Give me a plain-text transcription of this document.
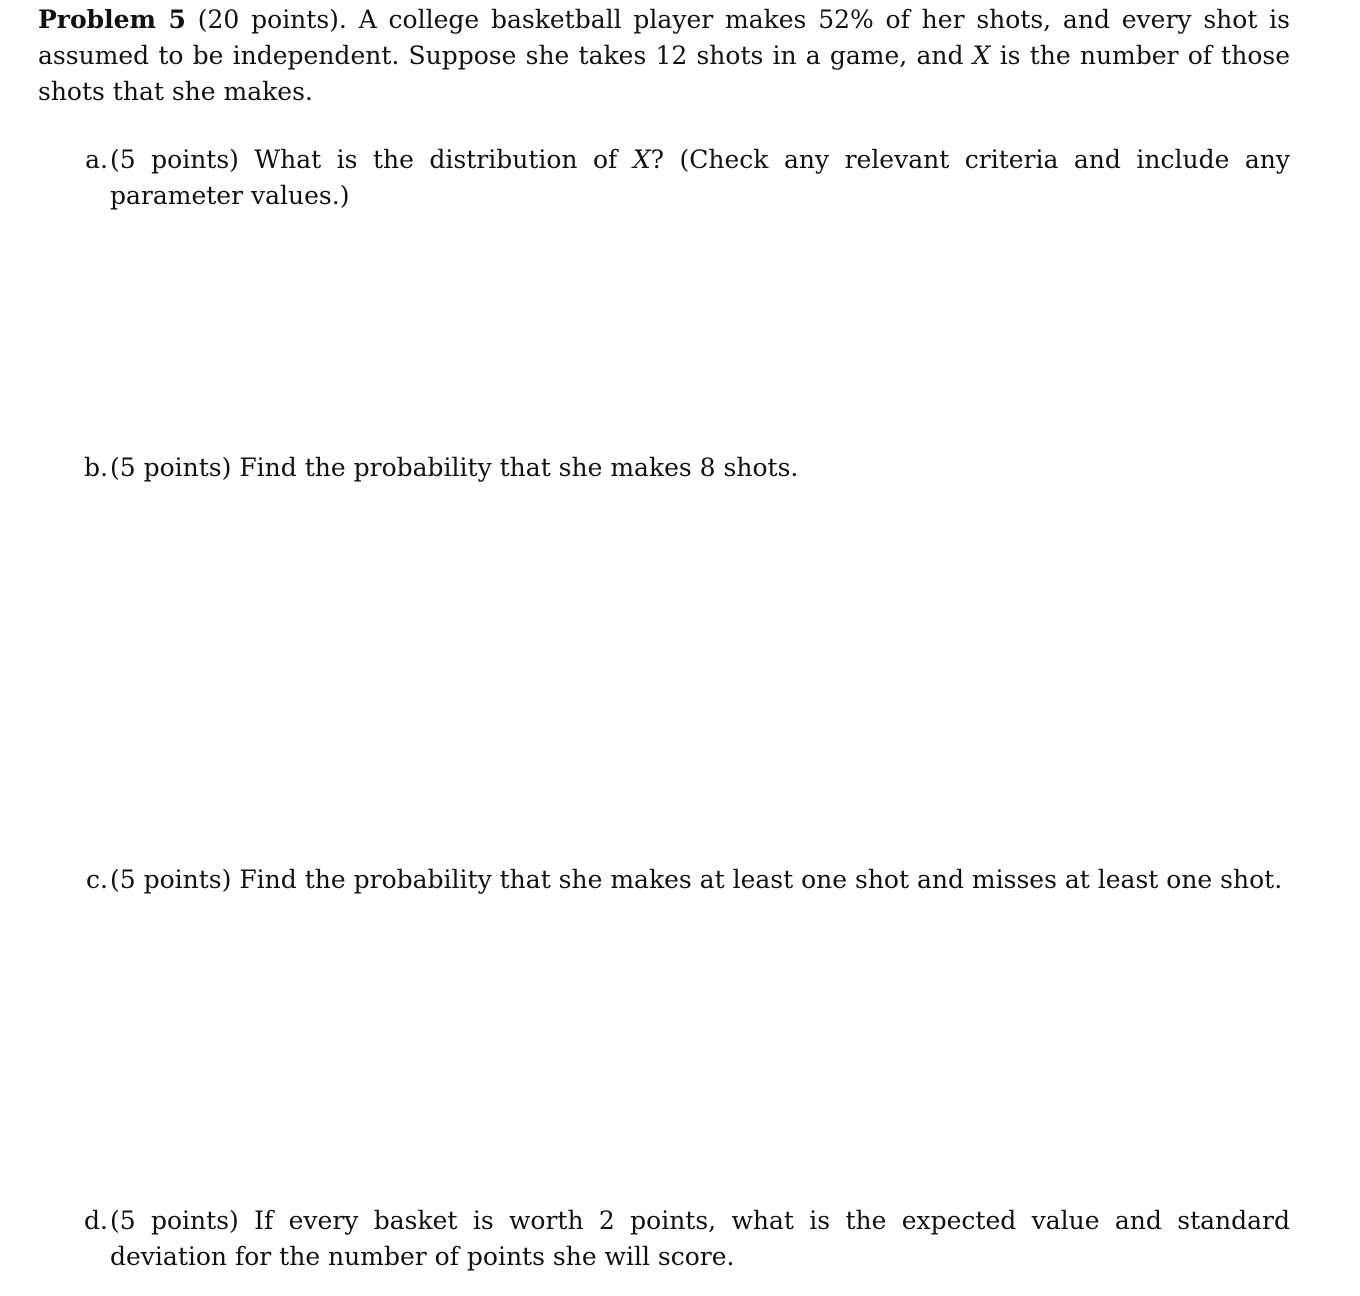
Problem 5 (20 points). A college basketball player makes 52% of her shots, and every shot is assumed to be independent. Suppose she takes 12 shots in a game, and X is the number of those shots that she makes.
a. (5 points) What is the distribution of X? (Check any relevant criteria and include any parameter values.)
b. (5 points) Find the probability that she makes 8 shots.
c. (5 points) Find the probability that she makes at least one shot and misses at least one shot.
d. (5 points) If every basket is worth 2 points, what is the expected value and standard deviation for the number of points she will score.
